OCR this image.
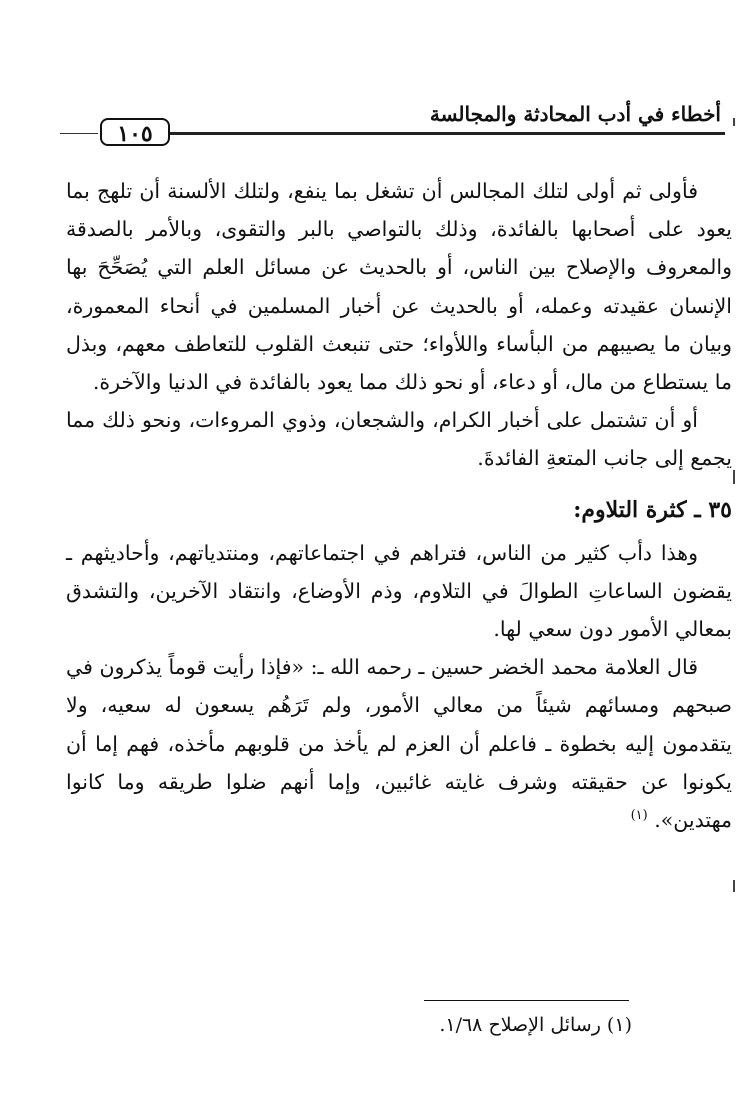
أخطاء في أدب المحادثة والمجالسة
١٠٥

فأولى ثم أولى لتلك المجالس أن تشغل بما ينفع، ولتلك الألسنة أن تلهج بما يعود على أصحابها بالفائدة، وذلك بالتواصي بالبر والتقوى، وبالأمر بالصدقة والمعروف والإصلاح بين الناس، أو بالحديث عن مسائل العلم التي يُصَحِّحَ بها الإنسان عقيدته وعمله، أو بالحديث عن أخبار المسلمين في أنحاء المعمورة، وبيان ما يصيبهم من البأساء واللأواء؛ حتى تنبعث القلوب للتعاطف معهم، وبذل ما يستطاع من مال، أو دعاء، أو نحو ذلك مما يعود بالفائدة في الدنيا والآخرة.

أو أن تشتمل على أخبار الكرام، والشجعان، وذوي المروءات، ونحو ذلك مما يجمع إلى جانب المتعةِ الفائدةَ.

٣٥ ـ كثرة التلاوم:

وهذا دأب كثير من الناس، فتراهم في اجتماعاتهم، ومنتدياتهم، وأحاديثهم ـ يقضون الساعاتِ الطوالَ في التلاوم، وذم الأوضاع، وانتقاد الآخرين، والتشدق بمعالي الأمور دون سعي لها.

قال العلامة محمد الخضر حسين ـ رحمه الله ـ: «فإذا رأيت قوماً يذكرون في صبحهم ومسائهم شيئاً من معالي الأمور، ولم تَرَهُم يسعون له سعيه، ولا يتقدمون إليه بخطوة ـ فاعلم أن العزم لم يأخذ من قلوبهم مأخذه، فهم إما أن يكونوا عن حقيقته وشرف غايته غائبين، وإما أنهم ضلوا طريقه وما كانوا مهتدين». $^{(١)}$

(١) رسائل الإصلاح ١/٦٨.
